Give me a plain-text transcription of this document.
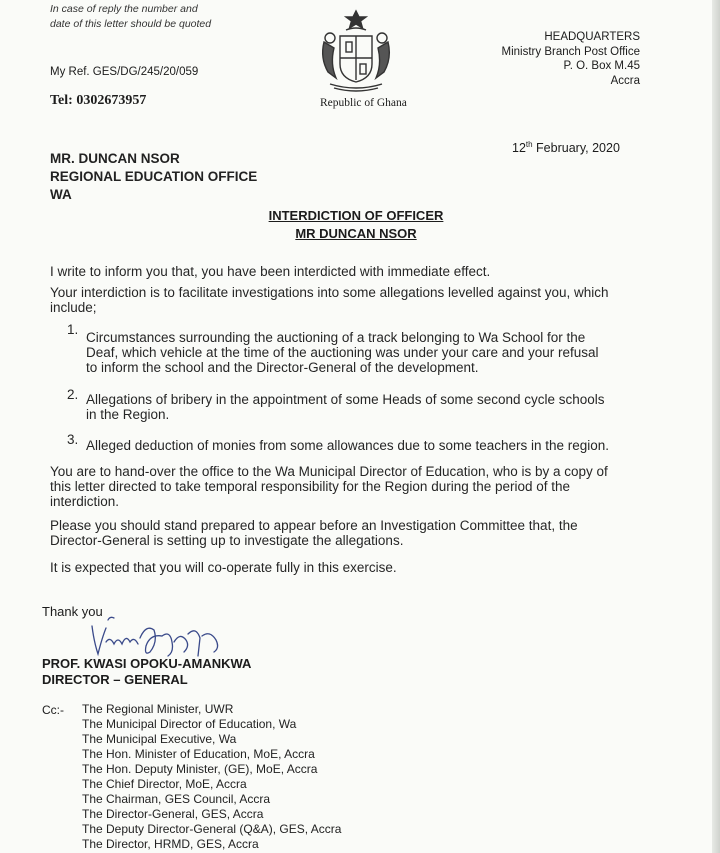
In case of reply the number and
date of this letter should be quoted
My Ref. GES/DG/245/20/059
Tel: 0302673957	Republic of Ghana
HEADQUARTERS
Ministry Branch Post Office
P. O. Box M.45
Accra
12th February, 2020
MR. DUNCAN NSOR
REGIONAL EDUCATION OFFICE
WA
INTERDICTION OF OFFICER
MR DUNCAN NSOR
I write to inform you that, you have been interdicted with immediate effect.
Your interdiction is to facilitate investigations into some allegations levelled against you, which
include;
1.
Circumstances surrounding the auctioning of a track belonging to Wa School for the
Deaf, which vehicle at the time of the auctioning was under your care and your refusal
to inform the school and the Director-General of the development.
2. Allegations of bribery in the appointment of some Heads of some second cycle schools
in the Region.
3. Alleged deduction of monies from some allowances due to some teachers in the region.
You are to hand-over the office to the Wa Municipal Director of Education, who is by a copy of
this letter directed to take temporal responsibility for the Region during the period of the
interdiction.
Please you should stand prepared to appear before an Investigation Committee that, the
Director-General is setting up to investigate the allegations.
It is expected that you will co-operate fully in this exercise.
Thank you
PROF. KWASI OPOKU-AMANKWA
DIRECTOR – GENERAL
Cc:- The Regional Minister, UWR
The Municipal Director of Education, Wa
The Municipal Executive, Wa
The Hon. Minister of Education, MoE, Accra
The Hon. Deputy Minister, (GE), MoE, Accra
The Chief Director, MoE, Accra
The Chairman, GES Council, Accra
The Director-General, GES, Accra
The Deputy Director-General (Q&A), GES, Accra
The Director, HRMD, GES, Accra
